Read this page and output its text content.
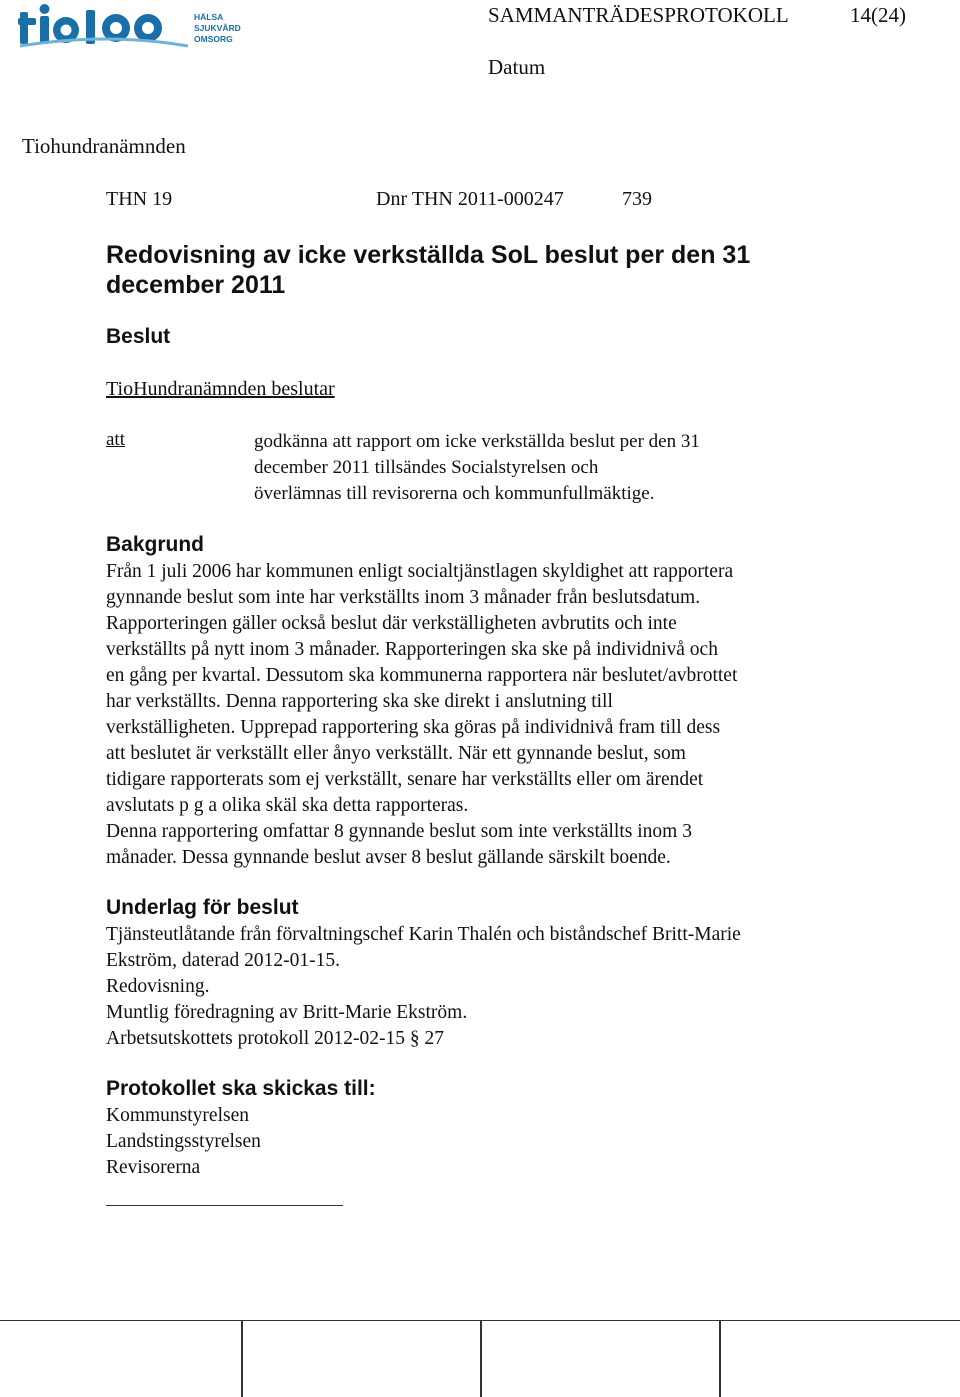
HÄLSA
SJUKVÅRD
OMSORG
SAMMANTRÄDESPROTOKOLL	14(24)
Datum
Tiohundranämnden
THN 19	Dnr THN 2011-000247	739
Redovisning av icke verkställda SoL beslut per den 31 december 2011
Beslut
TioHundranämnden beslutar
att	godkänna att rapport om icke verkställda beslut per den 31
december 2011 tillsändes Socialstyrelsen och
överlämnas till revisorerna och kommunfullmäktige.
Bakgrund
Från 1 juli 2006 har kommunen enligt socialtjänstlagen skyldighet att rapportera
gynnande beslut som inte har verkställts inom 3 månader från beslutsdatum.
Rapporteringen gäller också beslut där verkställigheten avbrutits och inte
verkställts på nytt inom 3 månader. Rapporteringen ska ske på individnivå och
en gång per kvartal. Dessutom ska kommunerna rapportera när beslutet/avbrottet
har verkställts. Denna rapportering ska ske direkt i anslutning till
verkställigheten. Upprepad rapportering ska göras på individnivå fram till dess
att beslutet är verkställt eller ånyo verkställt. När ett gynnande beslut, som
tidigare rapporterats som ej verkställt, senare har verkställts eller om ärendet
avslutats p g a olika skäl ska detta rapporteras.
Denna rapportering omfattar 8 gynnande beslut som inte verkställts inom 3
månader. Dessa gynnande beslut avser 8 beslut gällande särskilt boende.
Underlag för beslut
Tjänsteutlåtande från förvaltningschef Karin Thalén och biståndschef Britt-Marie
Ekström, daterad 2012-01-15.
Redovisning.
Muntlig föredragning av Britt-Marie Ekström.
Arbetsutskottets protokoll 2012-02-15 § 27
Protokollet ska skickas till:
Kommunstyrelsen
Landstingsstyrelsen
Revisorerna
